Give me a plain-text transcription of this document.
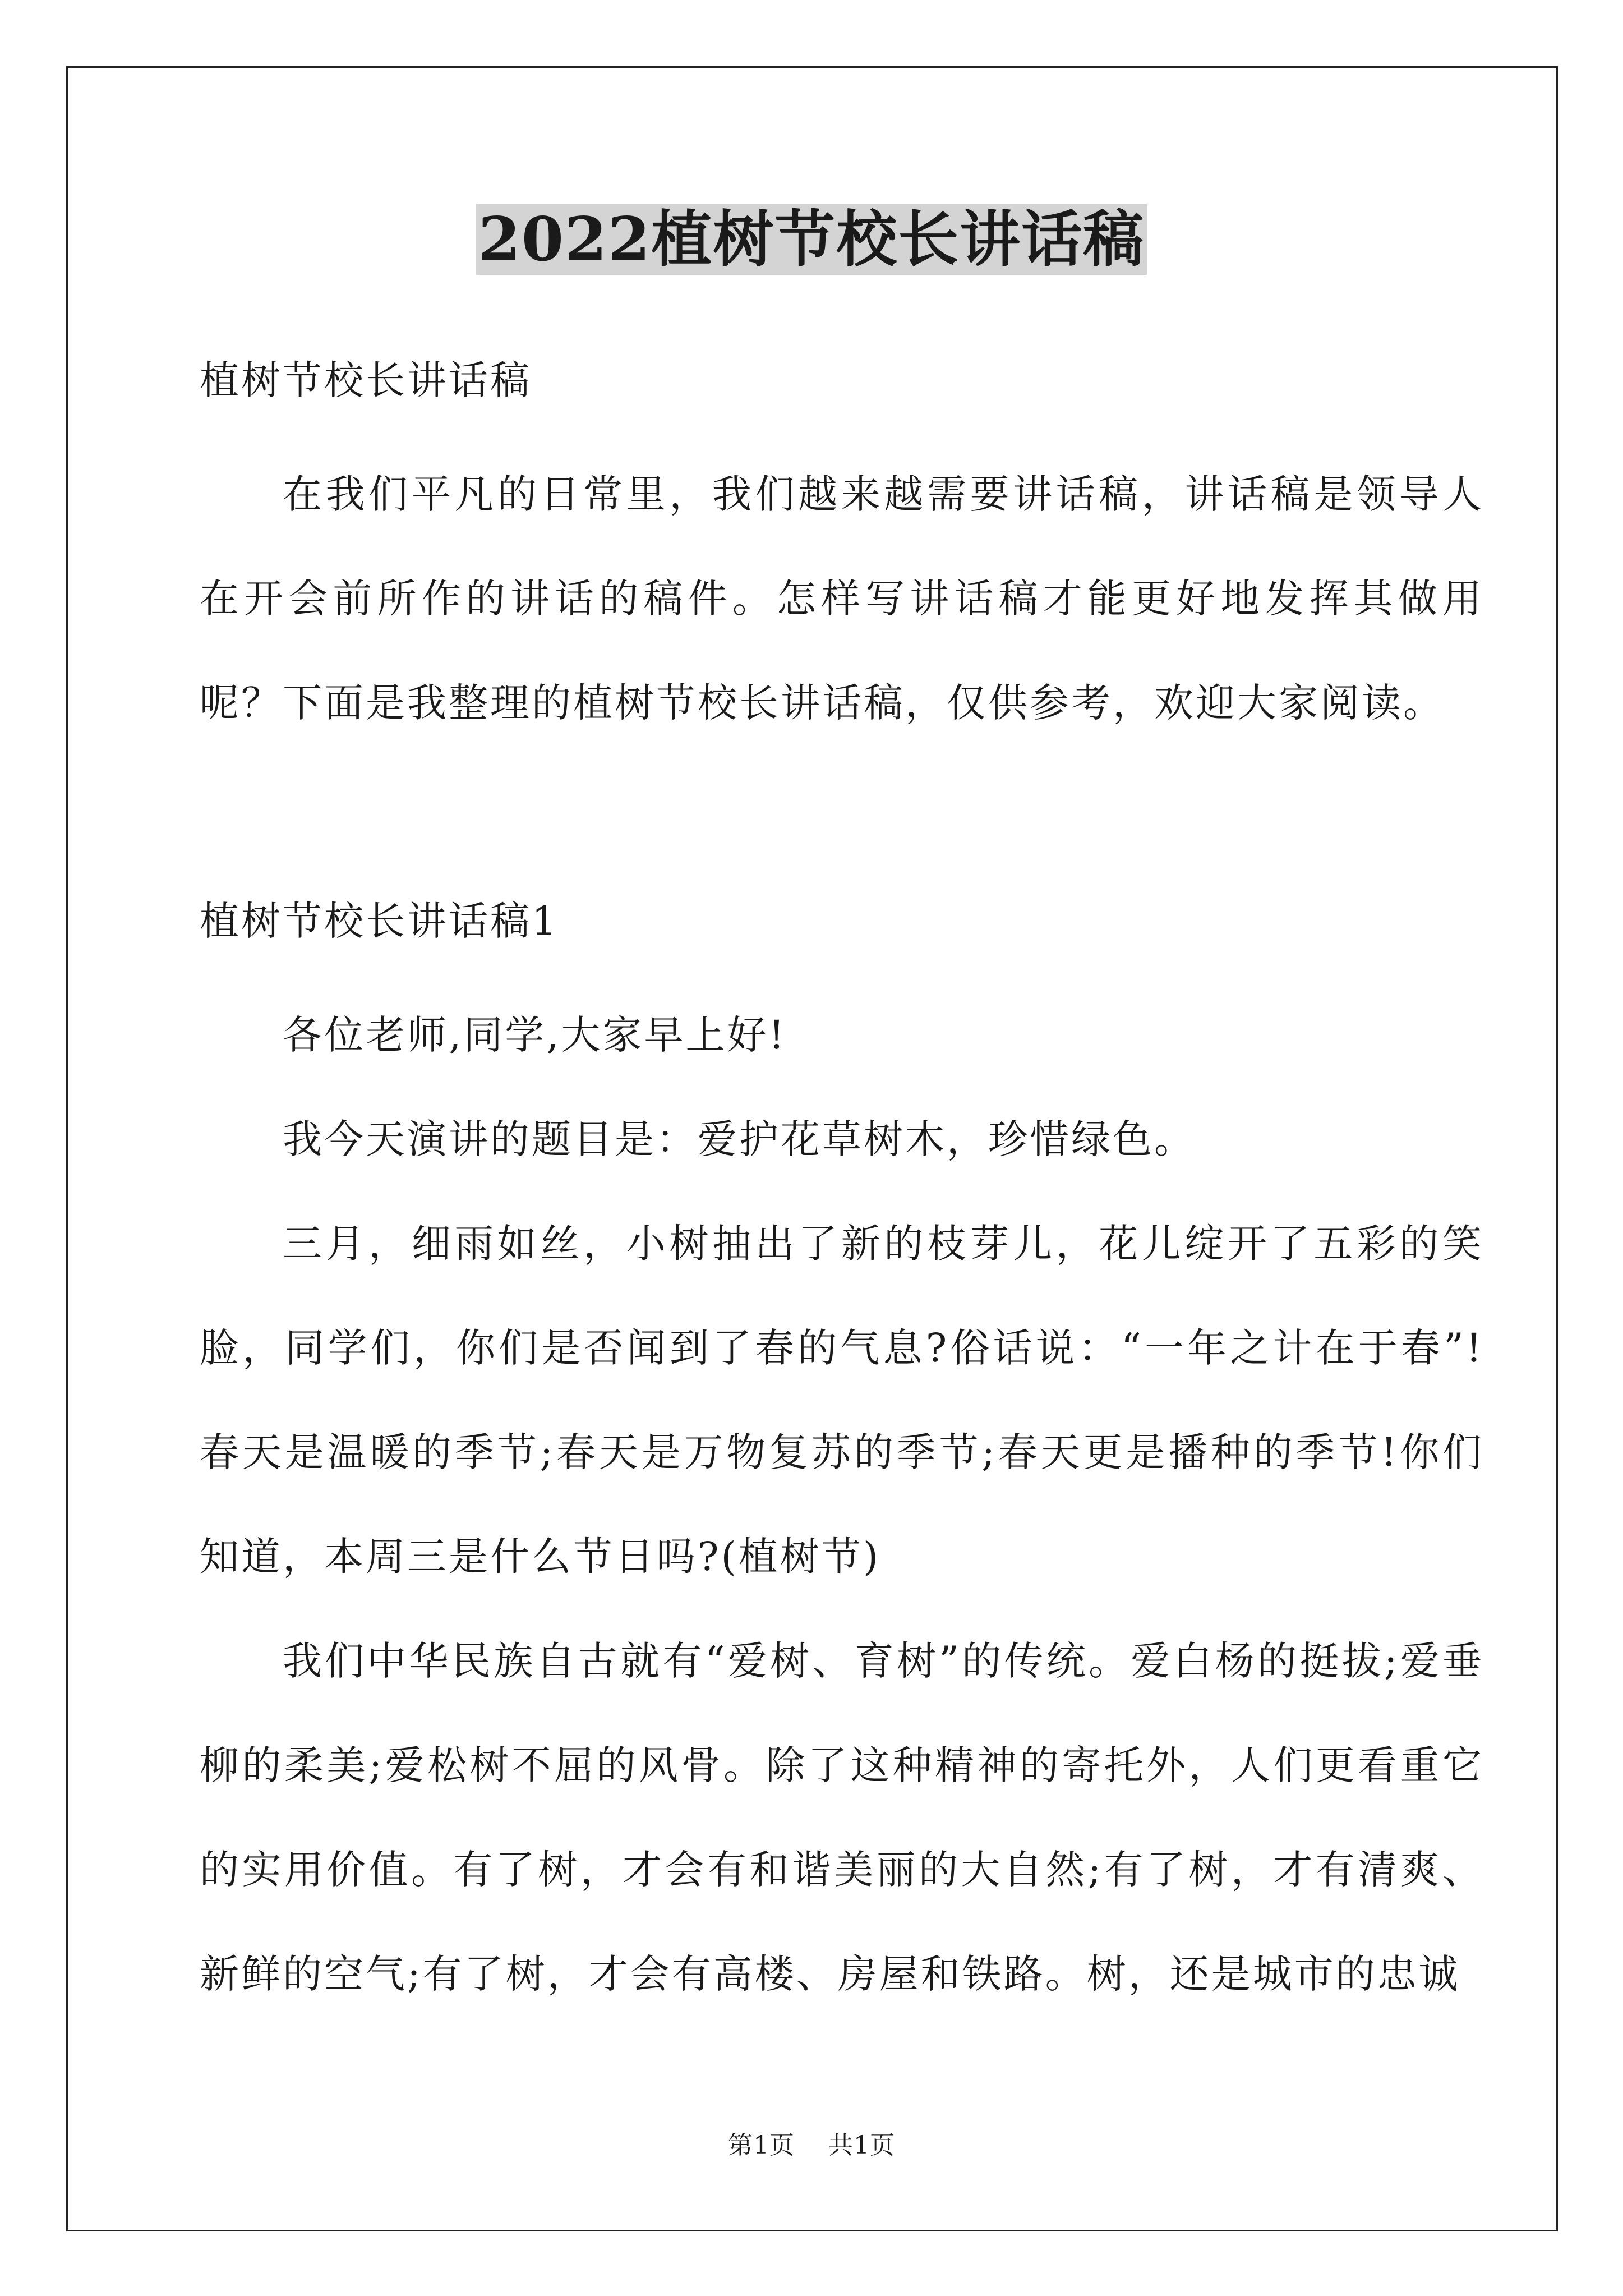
2022植树节校长讲话稿
植树节校长讲话稿

在我们平凡的日常里，我们越来越需要讲话稿，讲话稿是领导人在开会前所作的讲话的稿件。怎样写讲话稿才能更好地发挥其做用呢？下面是我整理的植树节校长讲话稿，仅供参考，欢迎大家阅读。

植树节校长讲话稿1

各位老师,同学,大家早上好!

我今天演讲的题目是：爱护花草树木，珍惜绿色。

三月，细雨如丝，小树抽出了新的枝芽儿，花儿绽开了五彩的笑脸，同学们，你们是否闻到了春的气息?俗话说：“一年之计在于春”!春天是温暖的季节;春天是万物复苏的季节;春天更是播种的季节!你们知道，本周三是什么节日吗?(植树节)

我们中华民族自古就有“爱树、育树”的传统。爱白杨的挺拔;爱垂柳的柔美;爱松树不屈的风骨。除了这种精神的寄托外，人们更看重它的实用价值。有了树，才会有和谐美丽的大自然;有了树，才有清爽、新鲜的空气;有了树，才会有高楼、房屋和铁路。树，还是城市的忠诚

第1页 共1页
